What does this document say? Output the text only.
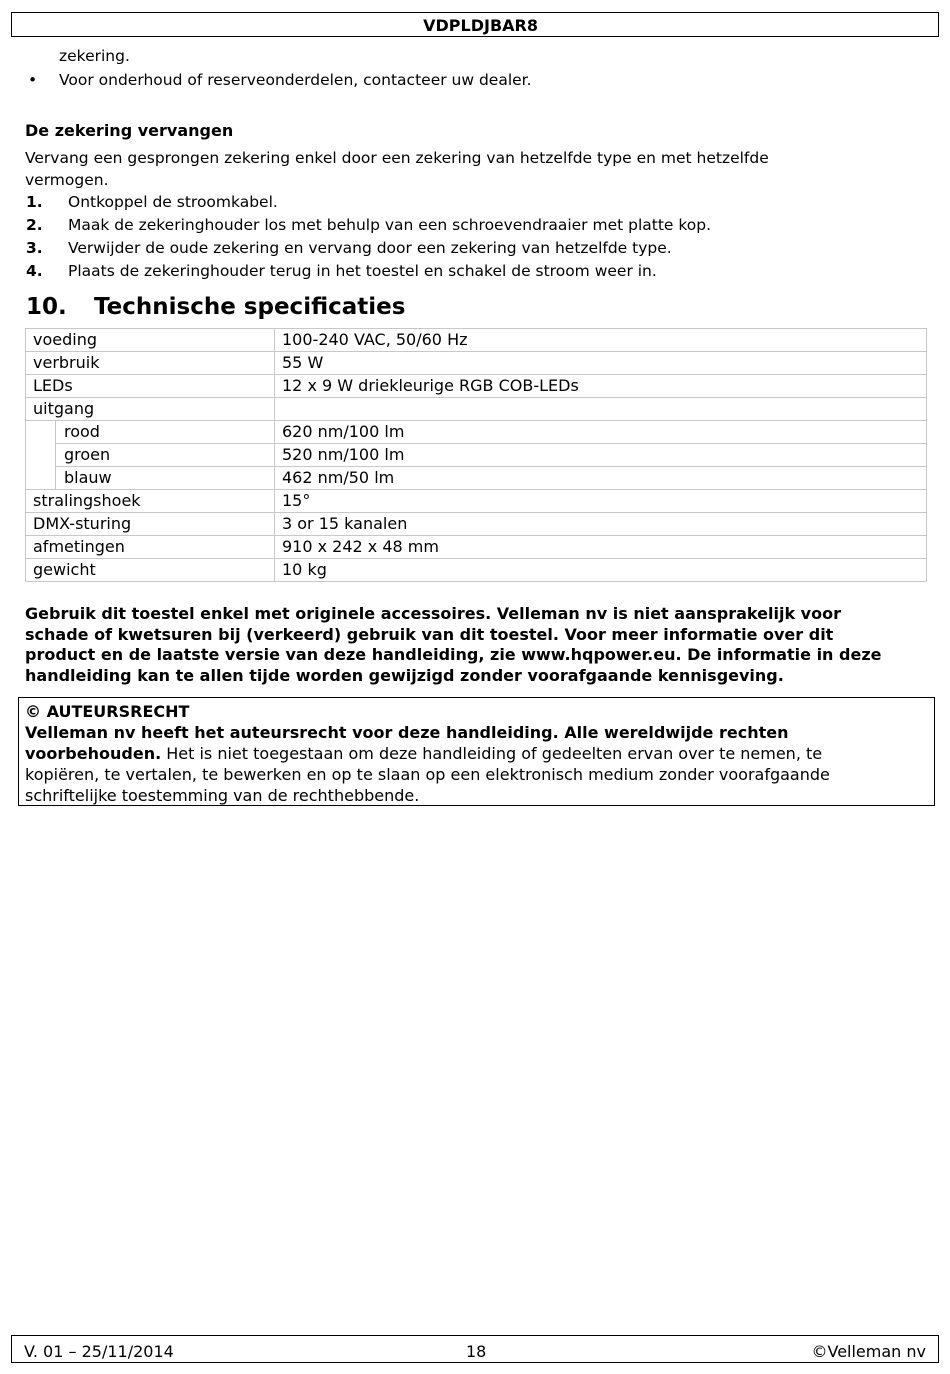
VDPLDJBAR8
zekering.
• Voor onderhoud of reserveonderdelen, contacteer uw dealer.
De zekering vervangen
Vervang een gesprongen zekering enkel door een zekering van hetzelfde type en met hetzelfde
vermogen.
1. Ontkoppel de stroomkabel.
2. Maak de zekeringhouder los met behulp van een schroevendraaier met platte kop.
3. Verwijder de oude zekering en vervang door een zekering van hetzelfde type.
4. Plaats de zekeringhouder terug in het toestel en schakel de stroom weer in.
10. Technische specificaties
voeding		100-240 VAC, 50/60 Hz
verbruik		55 W
LEDs		12 x 9 W driekleurige RGB COB-LEDs
uitgang		
	rood	620 nm/100 lm
	groen	520 nm/100 lm
	blauw	462 nm/50 lm
stralingshoek		15°
DMX-sturing		3 or 15 kanalen
afmetingen		910 x 242 x 48 mm
gewicht		10 kg
Gebruik dit toestel enkel met originele accessoires. Velleman nv is niet aansprakelijk voor
schade of kwetsuren bij (verkeerd) gebruik van dit toestel. Voor meer informatie over dit
product en de laatste versie van deze handleiding, zie www.hqpower.eu. De informatie in deze
handleiding kan te allen tijde worden gewijzigd zonder voorafgaande kennisgeving.
© AUTEURSRECHT
Velleman nv heeft het auteursrecht voor deze handleiding. Alle wereldwijde rechten
voorbehouden. Het is niet toegestaan om deze handleiding of gedeelten ervan over te nemen, te
kopiëren, te vertalen, te bewerken en op te slaan op een elektronisch medium zonder voorafgaande
schriftelijke toestemming van de rechthebbende.
V. 01 – 25/11/2014	18	©Velleman nv
